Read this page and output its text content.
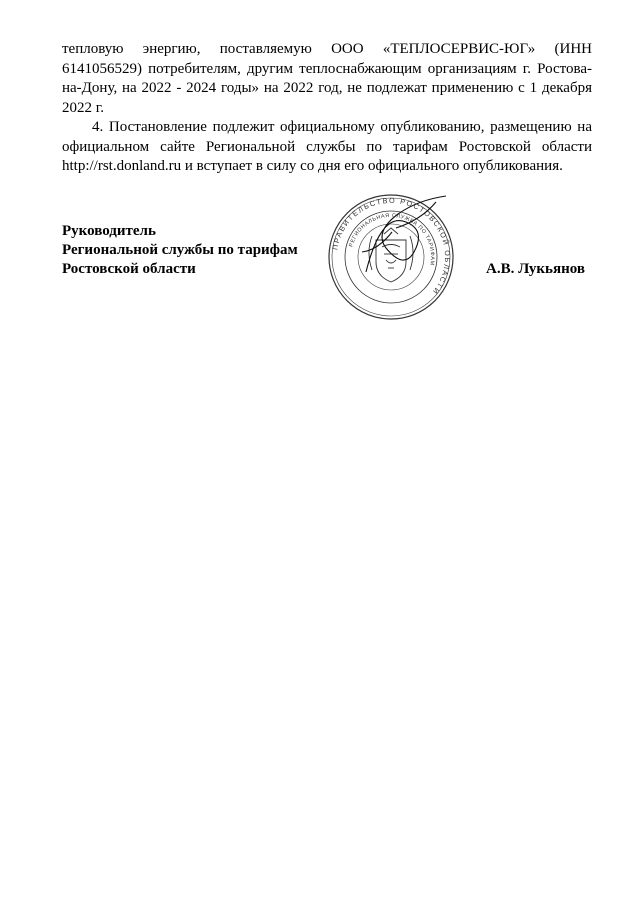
тепловую энергию, поставляемую ООО «ТЕПЛОСЕРВИС-ЮГ» (ИНН 6141056529) потребителям, другим теплоснабжающим организациям г. Ростова-на-Дону, на 2022 - 2024 годы» на 2022 год, не подлежат применению с 1 декабря 2022 г.

4. Постановление подлежит официальному опубликованию, размещению на официальном сайте Региональной службы по тарифам Ростовской области http://rst.donland.ru и вступает в силу со дня его официального опубликования.

Руководитель
Региональной службы по тарифам
Ростовской области
ПРАВИТЕЛЬСТВО РОСТОВСКОЙ ОБЛАСТИ
РЕГИОНАЛЬНАЯ СЛУЖБА ПО ТАРИФАМ	А.В. Лукьянов
